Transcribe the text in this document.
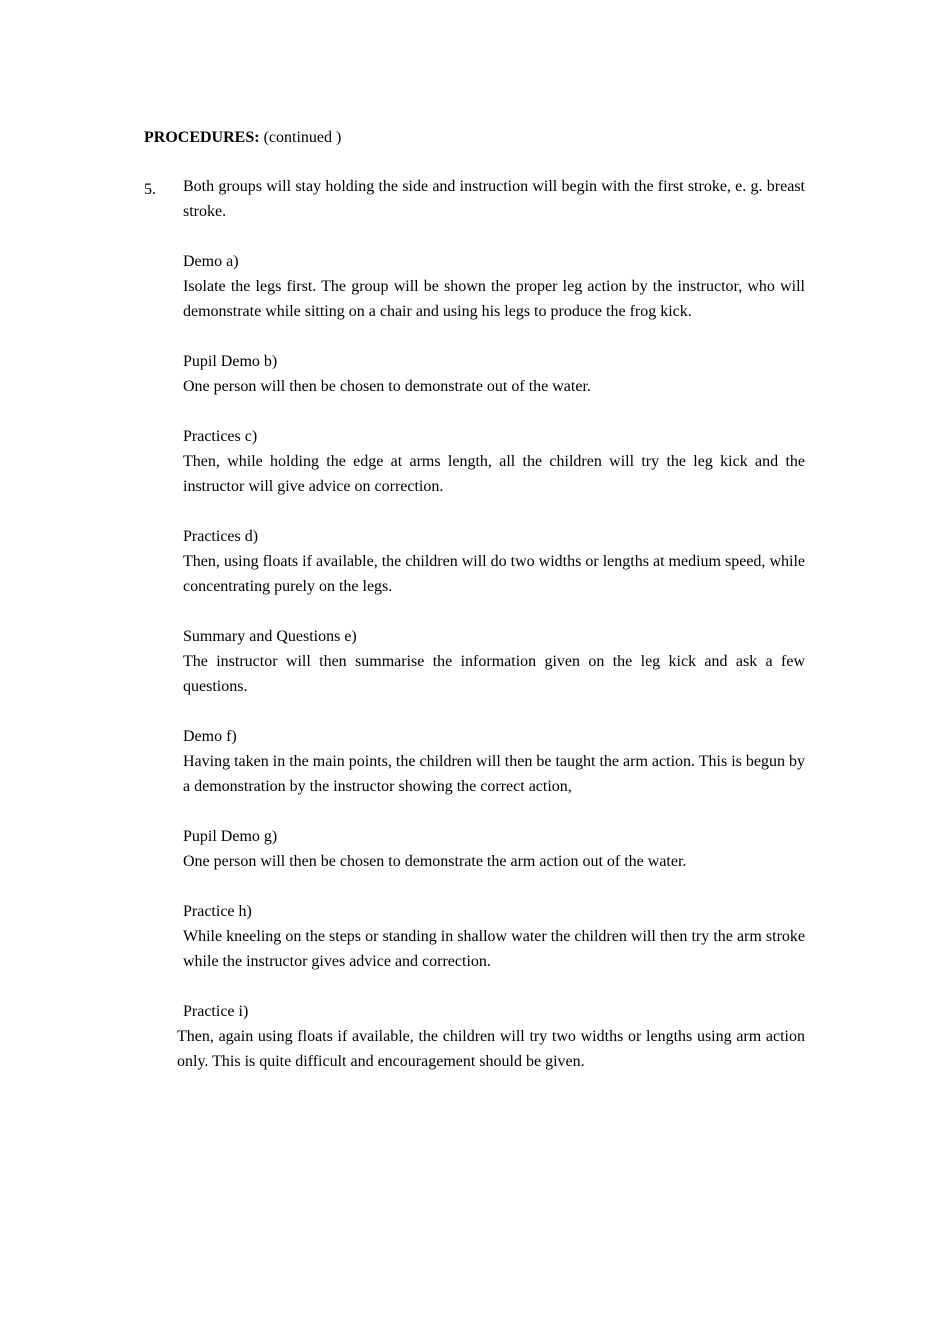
PROCEDURES: (continued )

5. Both groups will stay holding the side and instruction will begin with the first stroke, e. g. breast stroke.

Demo a)

Isolate the legs first. The group will be shown the proper leg action by the instructor, who will demonstrate while sitting on a chair and using his legs to produce the frog kick.

Pupil Demo b)

One person will then be chosen to demonstrate out of the water.

Practices c)

Then, while holding the edge at arms length, all the children will try the leg kick and the instructor will give advice on correction.

Practices d)

Then, using floats if available, the children will do two widths or lengths at medium speed, while concentrating purely on the legs.

Summary and Questions e)

The instructor will then summarise the information given on the leg kick and ask a few questions.

Demo f)

Having taken in the main points, the children will then be taught the arm action. This is begun by a demonstration by the instructor showing the correct action,

Pupil Demo g)

One person will then be chosen to demonstrate the arm action out of the water.

Practice h)

While kneeling on the steps or standing in shallow water the children will then try the arm stroke while the instructor gives advice and correction.

Practice i)

Then, again using floats if available, the children will try two widths or lengths using arm action only. This is quite difficult and encouragement should be given.
